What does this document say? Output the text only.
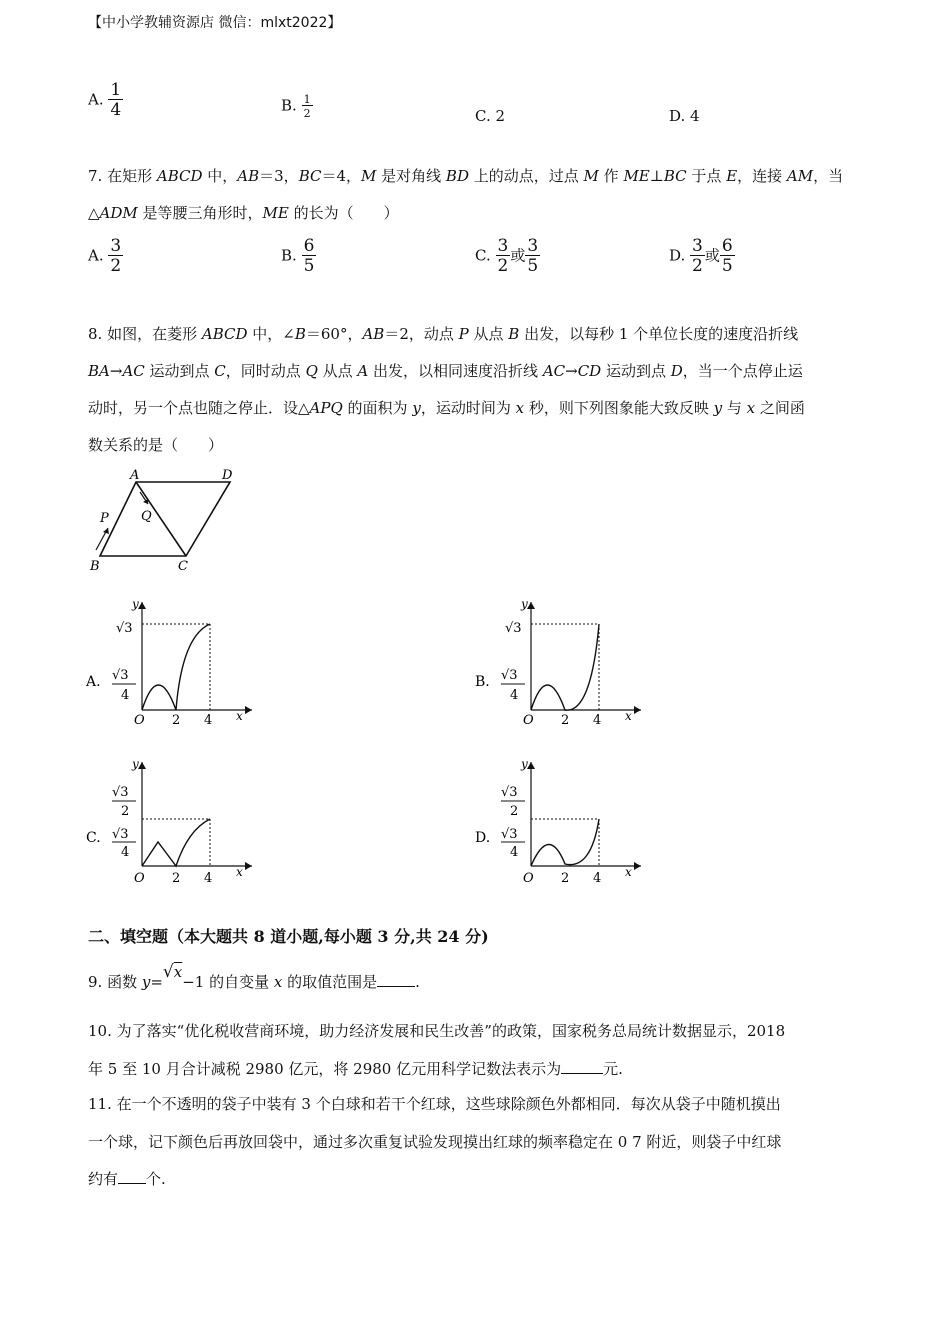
【中小学教辅资源店 微信：mlxt2022】
A. $\frac{1}{4}$	B. $\frac{1}{2}$	C. 2	D. 4
7. 在矩形 ABCD 中，AB＝3，BC＝4，M 是对角线 BD 上的动点，过点 M 作 ME⊥BC 于点 E，连接 AM，当
△ADM 是等腰三角形时，ME 的长为（　　）
A. $\frac{3}{2}$	B. $\frac{6}{5}$	C. $\frac{3}{2}$ 或 $\frac{3}{5}$	D. $\frac{3}{2}$ 或 $\frac{6}{5}$
8. 如图，在菱形 ABCD 中，∠B＝60°，AB＝2，动点 P 从点 B 出发，以每秒 1 个单位长度的速度沿折线
BA→AC 运动到点 C，同时动点 Q 从点 A 出发，以相同速度沿折线 AC→CD 运动到点 D，当一个点停止运
动时，另一个点也随之停止．设△APQ 的面积为 y，运动时间为 x 秒，则下列图象能大致反映 y 与 x 之间函
数关系的是（　　）
A	D
Q
P
B	C
A.
y
x
√3
√3
4
O 2 4
B.
y
x
√3
√3
4
O 2 4
C.
y
x
√3
2
√3
4
O 2 4
D.
y
x
√3
2
√3
4
O 2 4
二、填空题（本大题共 8 道小题,每小题 3 分,共 24 分)
9. 函数 y=√x−1 的自变量 x 的取值范围是	.
10. 为了落实“优化税收营商环境，助力经济发展和民生改善”的政策，国家税务总局统计数据显示，2018
年 5 至 10 月合计减税 2980 亿元，将 2980 亿元用科学记数法表示为	元.
11. 在一个不透明的袋子中装有 3 个白球和若干个红球，这些球除颜色外都相同．每次从袋子中随机摸出
一个球，记下颜色后再放回袋中，通过多次重复试验发现摸出红球的频率稳定在 0 7 附近，则袋子中红球
约有 个.
